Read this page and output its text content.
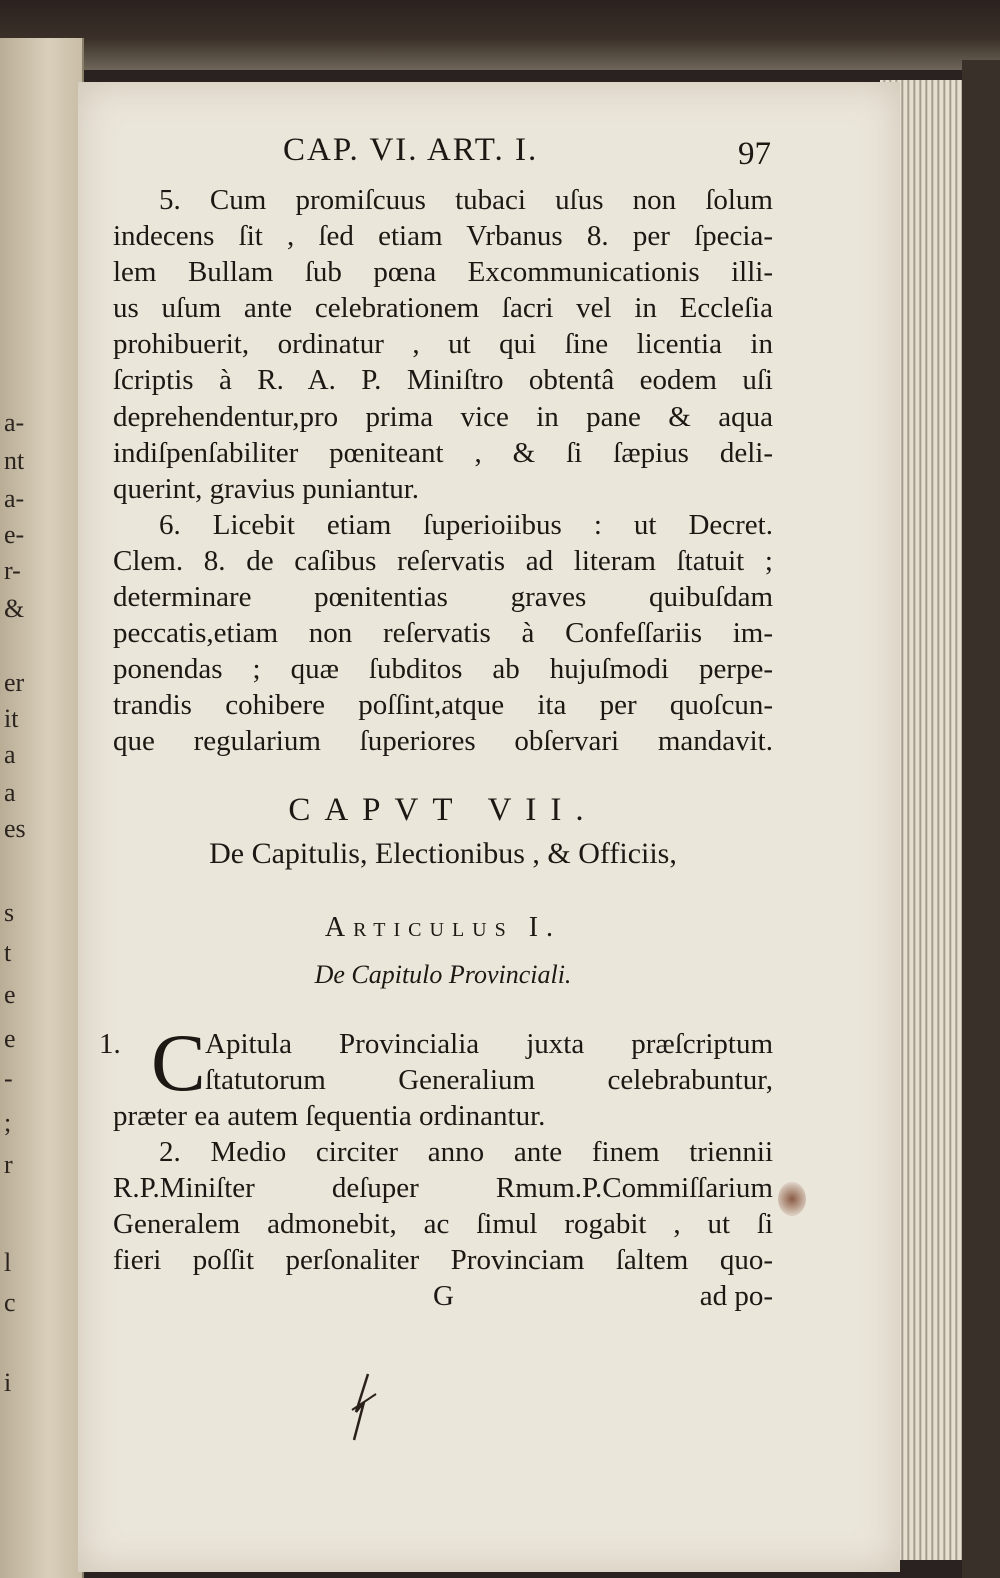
a-
nt
a-
e-
r-
&
er
it
a
a
es
s
t
e
e
-
;
r
l
c
i
CAP. VI. ART. I.	97

5. Cum promiſcuus tubaci uſus non ſolum
indecens ſit , ſed etiam Vrbanus 8. per ſpecia-
lem Bullam ſub pœna Excommunicationis illi-
us uſum ante celebrationem ſacri vel in Eccleſia
prohibuerit, ordinatur , ut qui ſine licentia in
ſcriptis à R. A. P. Miniſtro obtentâ eodem uſi
deprehendentur,pro prima vice in pane & aqua
indiſpenſabiliter pœniteant , & ſi ſæpius deli-
querint, gravius puniantur.

6. Licebit etiam ſuperioiibus : ut Decret.
Clem. 8. de caſibus reſervatis ad literam ſtatuit ;
determinare pœnitentias graves quibuſdam
peccatis,etiam non reſervatis à Confeſſariis im-
ponendas ; quæ ſubditos ab hujuſmodi perpe-
trandis cohibere poſſint,atque ita per quoſcun-
que regularium ſuperiores obſervari mandavit.

CAPVT VII.
De Capitulis, Electionibus , & Officiis,
Articulus I.
De Capitulo Provinciali.
1. C Apitula Provincialia juxta præſcriptum
ſtatutorum Generalium celebrabuntur,
præter ea autem ſequentia ordinantur.

2. Medio circiter anno ante finem triennii
R.P.Miniſter deſuper Rmum.P.Commiſſarium
Generalem admonebit, ac ſimul rogabit , ut ſi
fieri poſſit perſonaliter Provinciam ſaltem quo-

G	ad po-
